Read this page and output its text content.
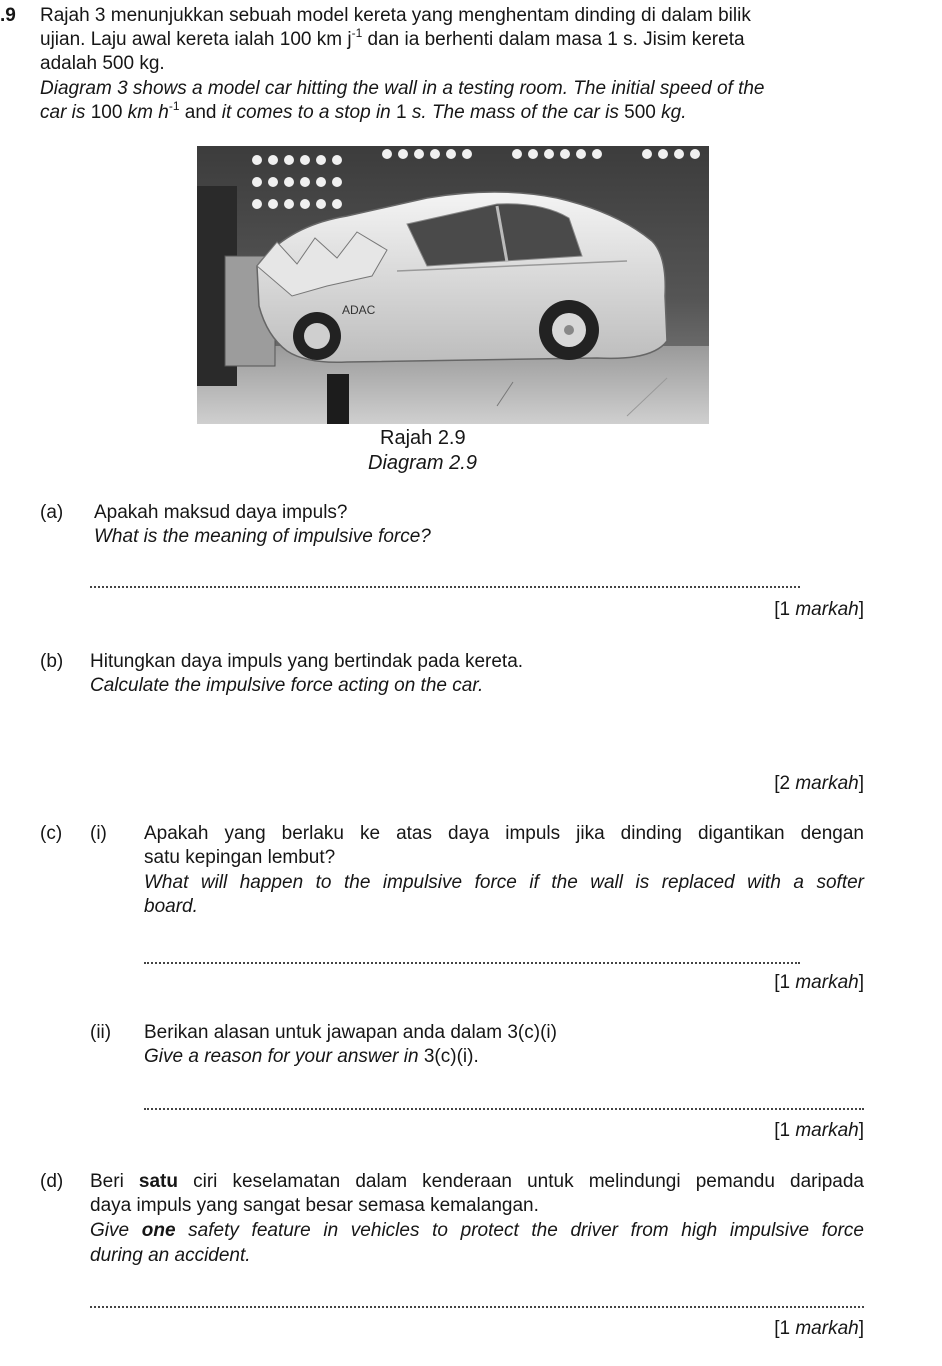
.9 Rajah 3 menunjukkan sebuah model kereta yang menghentam dinding di dalam bilik
ujian. Laju awal kereta ialah 100 km $j^{-1}$ dan ia berhenti dalam masa 1 s. Jisim kereta
adalah 500 kg.
Diagram 3 shows a model car hitting the wall in a testing room. The initial speed of the
car is 100 km $h^{-1}$ and it comes to a stop in 1 s. The mass of the car is 500 kg.
ADAC
Rajah 2.9
Diagram 2.9
(a) Apakah maksud daya impuls?
What is the meaning of impulsive force?
[1 markah]
(b) Hitungkan daya impuls yang bertindak pada kereta.
Calculate the impulsive force acting on the car.
[2 markah]
(c) (i) Apakah yang berlaku ke atas daya impuls jika dinding digantikan dengan
satu kepingan lembut?
What will happen to the impulsive force if the wall is replaced with a softer
board.
[1 markah]
(ii) Berikan alasan untuk jawapan anda dalam 3(c)(i)
Give a reason for your answer in 3(c)(i).
[1 markah]
(d) Beri satu ciri keselamatan dalam kenderaan untuk melindungi pemandu daripada
daya impuls yang sangat besar semasa kemalangan.
Give one safety feature in vehicles to protect the driver from high impulsive force
during an accident.
[1 markah]
